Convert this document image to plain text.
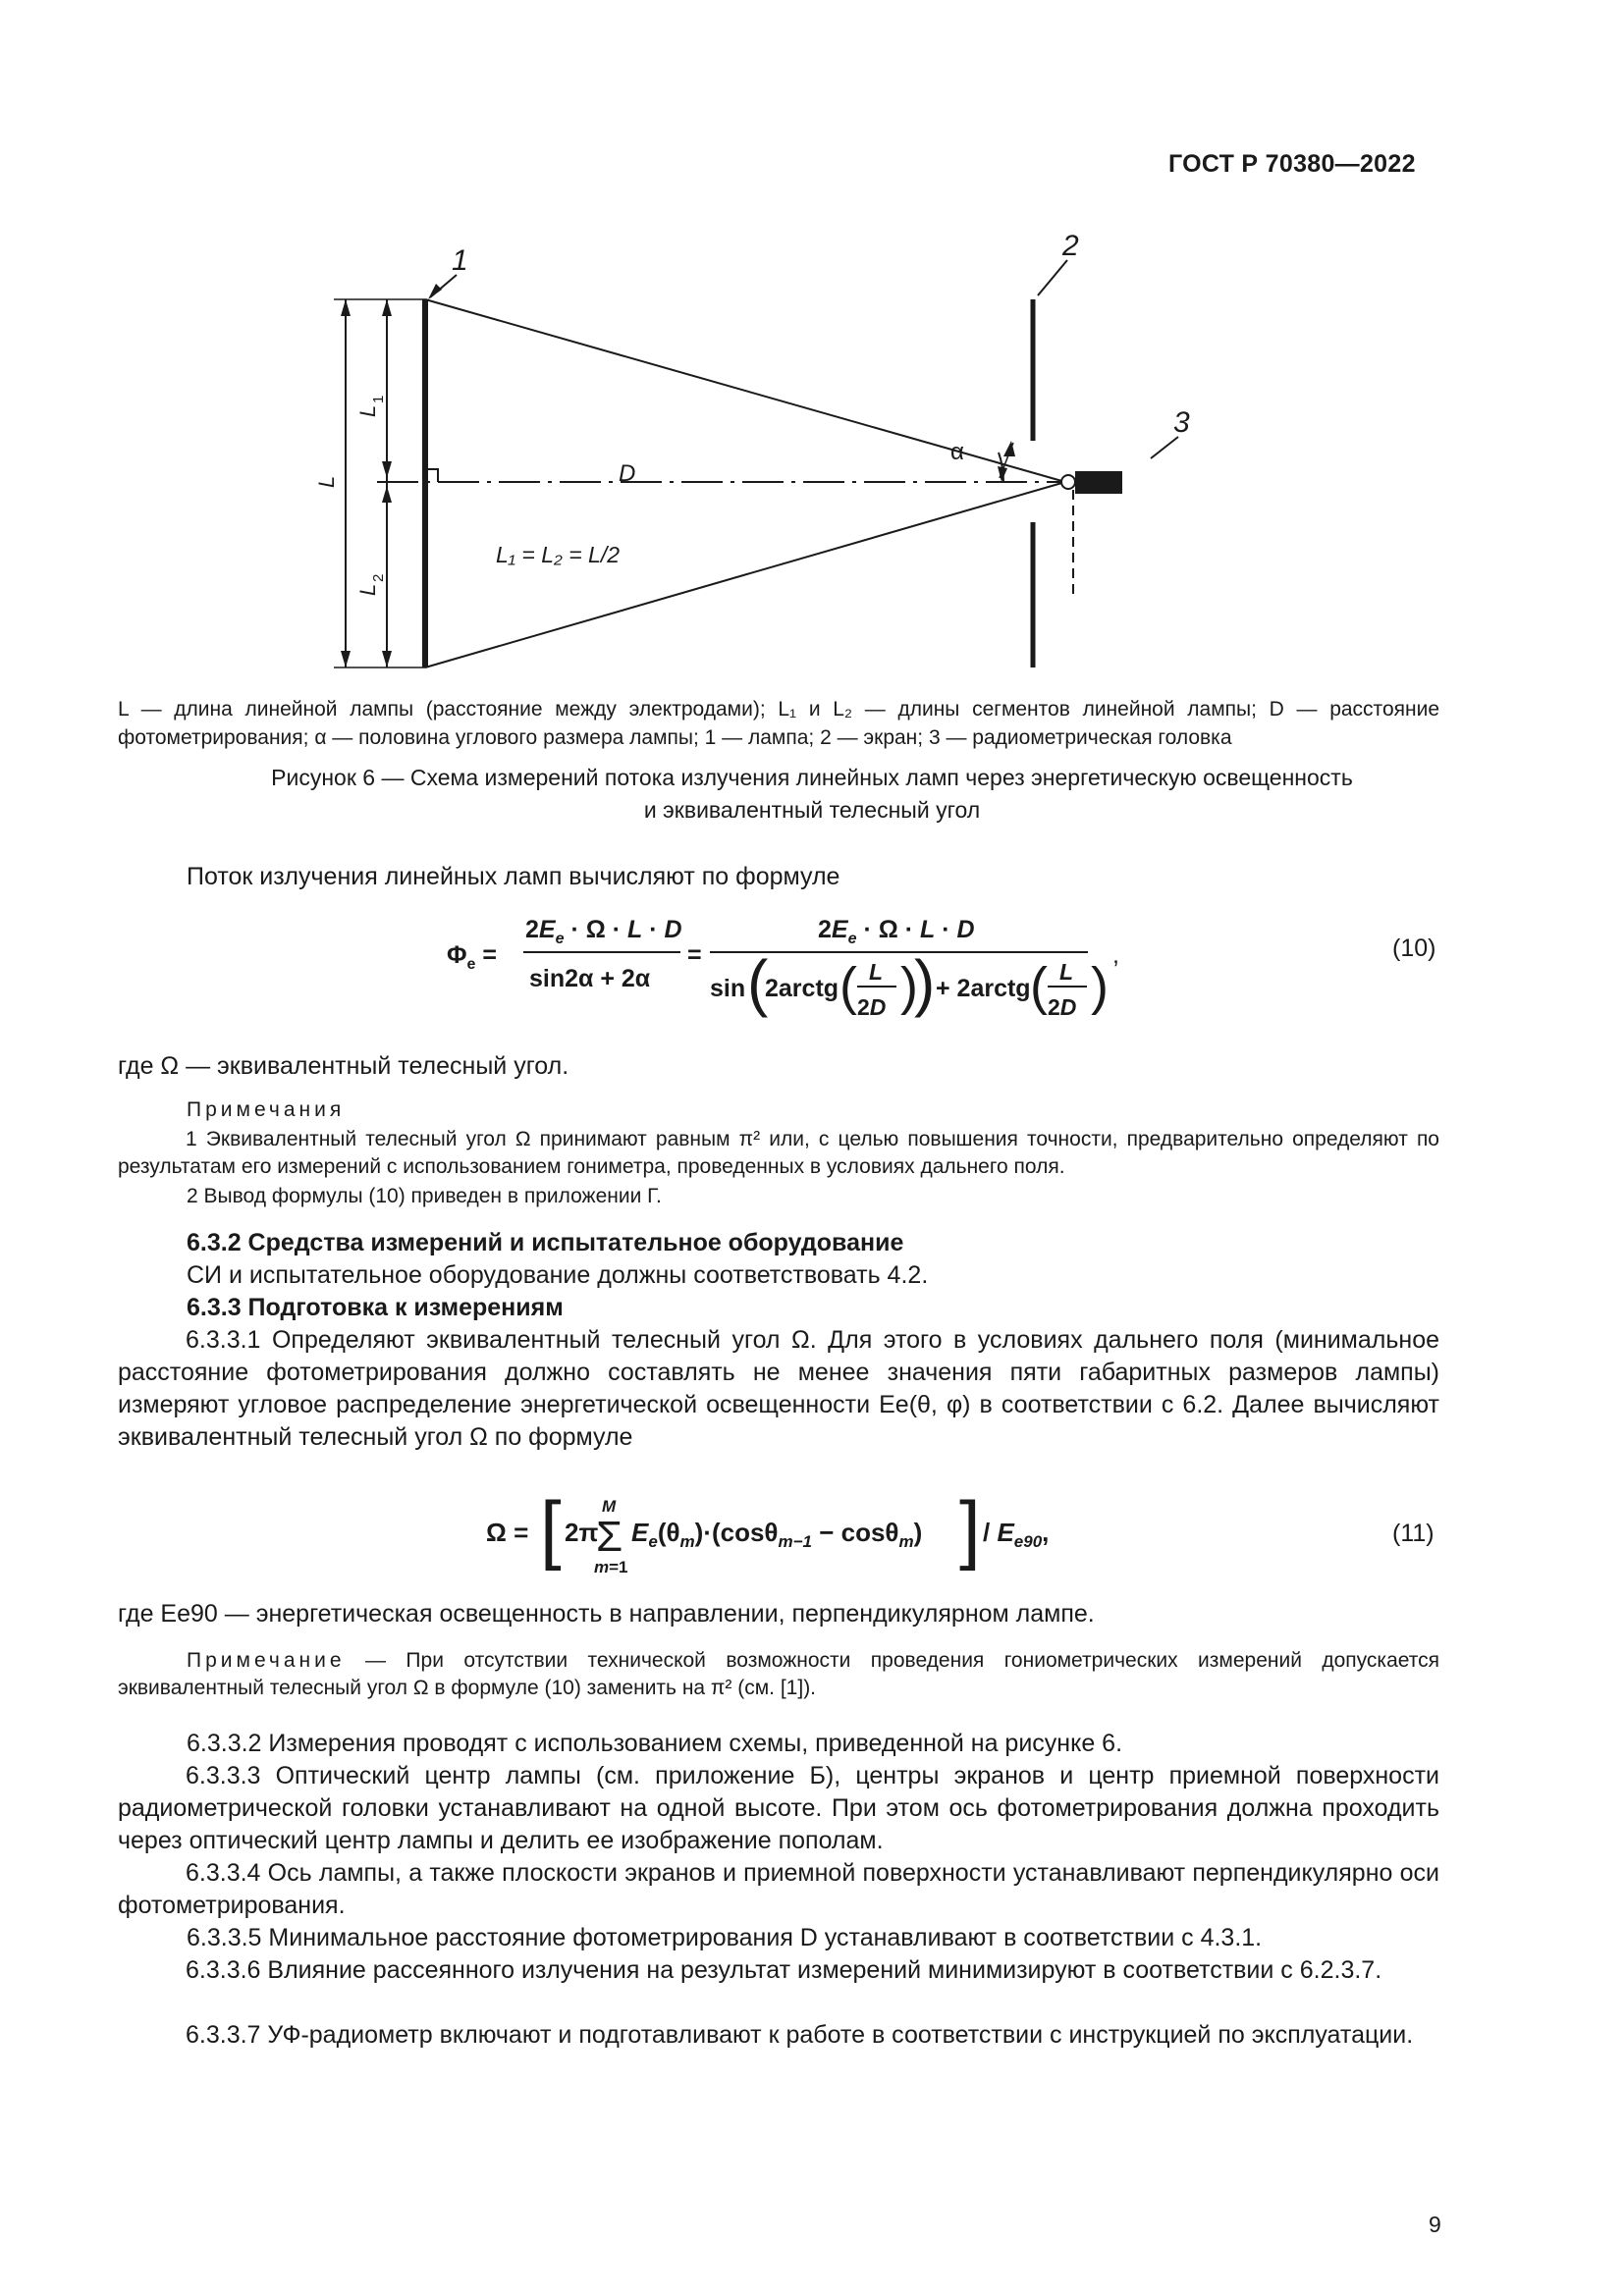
ГОСТ Р 70380—2022
1	2
3
D
α
L₁ = L₂ = L/2
L
L
1
L
2
L — длина линейной лампы (расстояние между электродами); L₁ и L₂ — длины сегментов линейной лампы; D — расстояние фотометрирования; α — половина углового размера лампы; 1 — лампа; 2 — экран; 3 — радиометрическая головка
Рисунок 6 — Схема измерений потока излучения линейных ламп через энергетическую освещенность
и эквивалентный телесный угол
Поток излучения линейных ламп вычисляют по формуле
$\Phi_e$ =
$2E_e \cdot \Omega \cdot L \cdot D$
sin2α + 2α
=
$2E_e \cdot \Omega \cdot L \cdot D$
sin (
2arctg ( L
2D )
) + 2arctg ( L
2D )
,	(10)
где Ω — эквивалентный телесный угол.
Примечания
1 Эквивалентный телесный угол Ω принимают равным π² или, с целью повышения точности, предварительно определяют по результатам его измерений с использованием гониметра, проведенных в условиях дальнего поля.
2 Вывод формулы (10) приведен в приложении Г.
6.3.2 Средства измерений и испытательное оборудование
СИ и испытательное оборудование должны соответствовать 4.2.
6.3.3 Подготовка к измерениям
6.3.3.1 Определяют эквивалентный телесный угол Ω. Для этого в условиях дальнего поля (минимальное расстояние фотометрирования должно составлять не менее значения пяти габаритных размеров лампы) измеряют угловое распределение энергетической освещенности Ee(θ, φ) в соответствии с 6.2. Далее вычисляют эквивалентный телесный угол Ω по формуле
Ω = [ 2π
Σ
M
m=1
$E_e(\theta_m)\cdot(\cos\theta_{m-1} - \cos\theta_m)$ ] / $E_{e90}$,	(11)
где Ee90 — энергетическая освещенность в направлении, перпендикулярном лампе.
Примечание — При отсутствии технической возможности проведения гониометрических измерений допускается эквивалентный телесный угол Ω в формуле (10) заменить на π² (см. [1]).
6.3.3.2 Измерения проводят с использованием схемы, приведенной на рисунке 6.
6.3.3.3 Оптический центр лампы (см. приложение Б), центры экранов и центр приемной поверхности радиометрической головки устанавливают на одной высоте. При этом ось фотометрирования должна проходить через оптический центр лампы и делить ее изображение пополам.
6.3.3.4 Ось лампы, а также плоскости экранов и приемной поверхности устанавливают перпендикулярно оси фотометрирования.
6.3.3.5 Минимальное расстояние фотометрирования D устанавливают в соответствии с 4.3.1.
6.3.3.6 Влияние рассеянного излучения на результат измерений минимизируют в соответствии с 6.2.3.7.
6.3.3.7 УФ-радиометр включают и подготавливают к работе в соответствии с инструкцией по эксплуатации.
9
